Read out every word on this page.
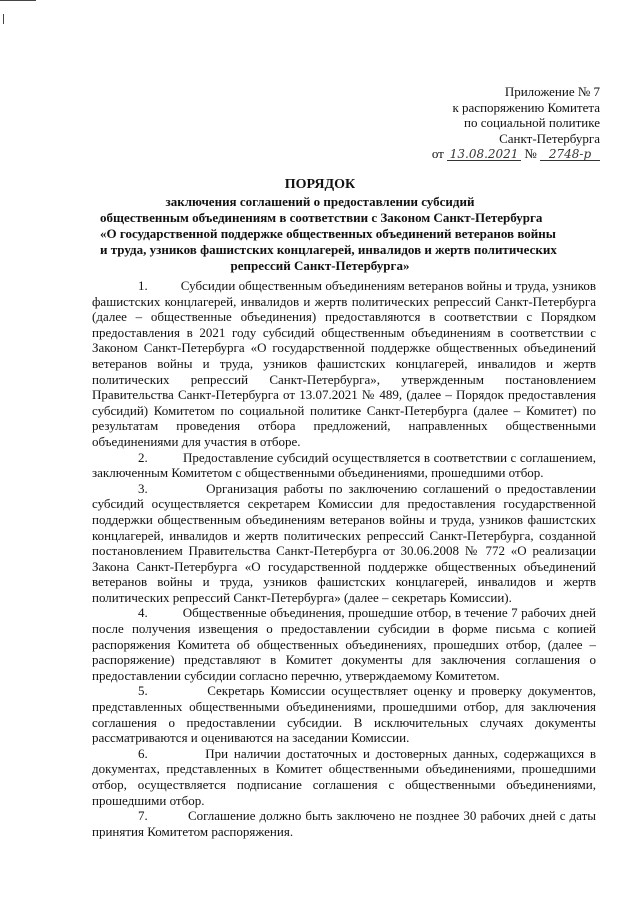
Приложение № 7
к распоряжению Комитета
по социальной политике
Санкт-Петербурга
от 13.08.2021 № 2748-р
ПОРЯДОК
заключения соглашений о предоставлении субсидий
общественным объединениям в соответствии с Законом Санкт-Петербурга
«О государственной поддержке общественных объединений ветеранов войны
и труда, узников фашистских концлагерей, инвалидов и жертв политических
репрессий Санкт-Петербурга»

1.	Субсидии общественным объединениям ветеранов войны и труда, узников фашистских концлагерей, инвалидов и жертв политических репрессий Санкт-Петербурга (далее – общественные объединения) предоставляются в соответствии с Порядком предоставления в 2021 году субсидий общественным объединениям в соответствии с Законом Санкт-Петербурга «О государственной поддержке общественных объединений ветеранов войны и труда, узников фашистских концлагерей, инвалидов и жертв политических репрессий Санкт-Петербурга», утвержденным постановлением Правительства Санкт-Петербурга от 13.07.2021 № 489, (далее – Порядок предоставления субсидий) Комитетом по социальной политике Санкт-Петербурга (далее – Комитет) по результатам проведения отбора предложений, направленных общественными объединениями для участия в отборе.

2.	Предоставление субсидий осуществляется в соответствии с соглашением, заключенным Комитетом с общественными объединениями, прошедшими отбор.

3.	Организация работы по заключению соглашений о предоставлении субсидий осуществляется секретарем Комиссии для предоставления государственной поддержки общественным объединениям ветеранов войны и труда, узников фашистских концлагерей, инвалидов и жертв политических репрессий Санкт-Петербурга, созданной постановлением Правительства Санкт-Петербурга от 30.06.2008 № 772 «О реализации Закона Санкт-Петербурга «О государственной поддержке общественных объединений ветеранов войны и труда, узников фашистских концлагерей, инвалидов и жертв политических репрессий Санкт-Петербурга» (далее – секретарь Комиссии).

4.	Общественные объединения, прошедшие отбор, в течение 7 рабочих дней после получения извещения о предоставлении субсидии в форме письма с копией распоряжения Комитета об общественных объединениях, прошедших отбор, (далее – распоряжение) представляют в Комитет документы для заключения соглашения о предоставлении субсидии согласно перечню, утверждаемому Комитетом.

5.	Секретарь Комиссии осуществляет оценку и проверку документов, представленных общественными объединениями, прошедшими отбор, для заключения соглашения о предоставлении субсидии. В исключительных случаях документы рассматриваются и оцениваются на заседании Комиссии.

6.	При наличии достаточных и достоверных данных, содержащихся в документах, представленных в Комитет общественными объединениями, прошедшими отбор, осуществляется подписание соглашения с общественными объединениями, прошедшими отбор.

7.	Соглашение должно быть заключено не позднее 30 рабочих дней с даты принятия Комитетом распоряжения.
